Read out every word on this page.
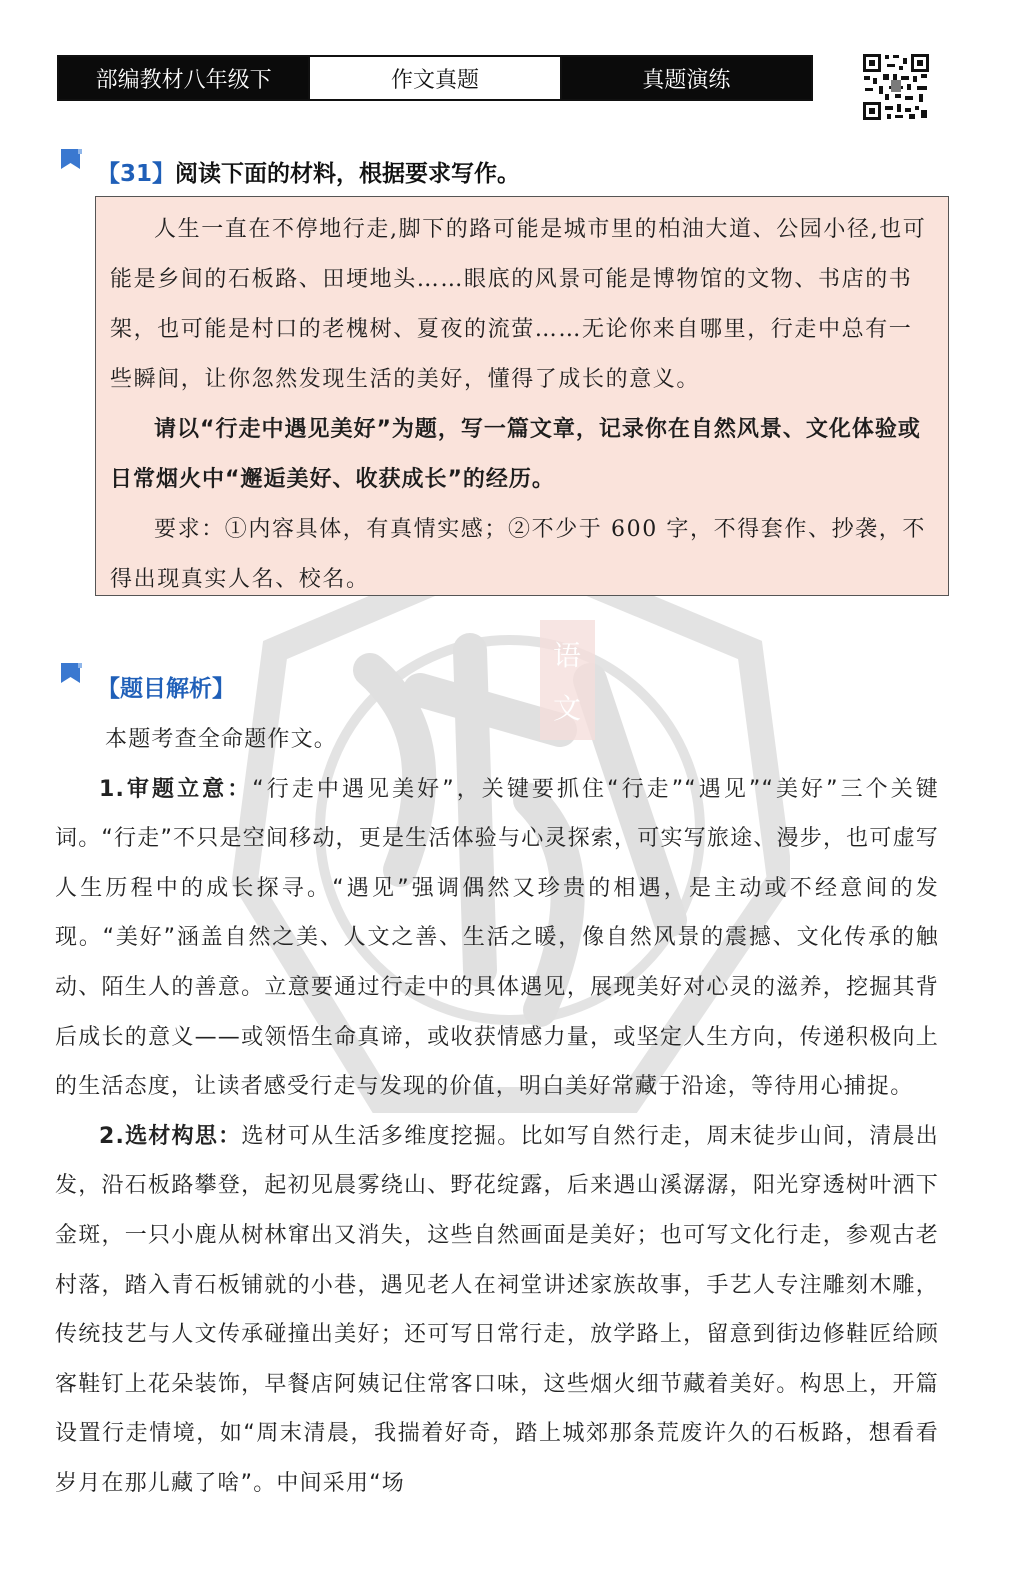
部编教材八年级下	作文真题	真题演练
【31】阅读下面的材料，根据要求写作。
语
文

人生一直在不停地行走,脚下的路可能是城市里的柏油大道、公园小径,也可能是乡间的石板路、田埂地头……眼底的风景可能是博物馆的文物、书店的书架，也可能是村口的老槐树、夏夜的流萤……无论你来自哪里，行走中总有一些瞬间，让你忽然发现生活的美好，懂得了成长的意义。

请以“行走中遇见美好”为题，写一篇文章，记录你在自然风景、文化体验或日常烟火中“邂逅美好、收获成长”的经历。

要求：①内容具体，有真情实感；②不少于 600 字，不得套作、抄袭，不得出现真实人名、校名。

【题目解析】

本题考查全命题作文。

1.审题立意：“行走中遇见美好”，关键要抓住“行走”“遇见”“美好”三个关键词。“行走”不只是空间移动，更是生活体验与心灵探索，可实写旅途、漫步，也可虚写人生历程中的成长探寻。“遇见”强调偶然又珍贵的相遇，是主动或不经意间的发现。“美好”涵盖自然之美、人文之善、生活之暖，像自然风景的震撼、文化传承的触动、陌生人的善意。立意要通过行走中的具体遇见，展现美好对心灵的滋养，挖掘其背后成长的意义——或领悟生命真谛，或收获情感力量，或坚定人生方向，传递积极向上的生活态度，让读者感受行走与发现的价值，明白美好常藏于沿途，等待用心捕捉。

2.选材构思：选材可从生活多维度挖掘。比如写自然行走，周末徒步山间，清晨出发，沿石板路攀登，起初见晨雾绕山、野花绽露，后来遇山溪潺潺，阳光穿透树叶洒下金斑，一只小鹿从树林窜出又消失，这些自然画面是美好；也可写文化行走，参观古老村落，踏入青石板铺就的小巷，遇见老人在祠堂讲述家族故事，手艺人专注雕刻木雕，传统技艺与人文传承碰撞出美好；还可写日常行走，放学路上，留意到街边修鞋匠给顾客鞋钉上花朵装饰，早餐店阿姨记住常客口味，这些烟火细节藏着美好。构思上，开篇设置行走情境，如“周末清晨，我揣着好奇，踏上城郊那条荒废许久的石板路，想看看岁月在那儿藏了啥”。中间采用“场
